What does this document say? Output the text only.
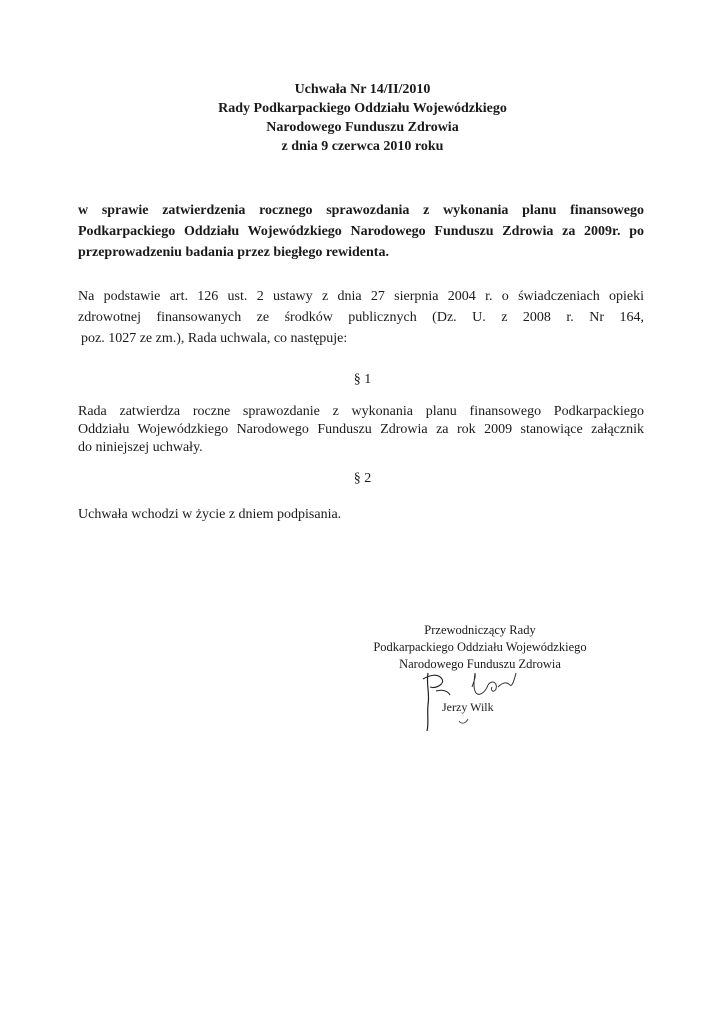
Uchwała Nr 14/II/2010
Rady Podkarpackiego Oddziału Wojewódzkiego
Narodowego Funduszu Zdrowia
z dnia 9 czerwca 2010 roku
w sprawie zatwierdzenia rocznego sprawozdania z wykonania planu finansowego
Podkarpackiego Oddziału Wojewódzkiego Narodowego Funduszu Zdrowia za 2009r. po
przeprowadzeniu badania przez biegłego rewidenta.
Na podstawie art. 126 ust. 2 ustawy z dnia 27 sierpnia 2004 r. o świadczeniach opieki
zdrowotnej finansowanych ze środków publicznych (Dz. U. z 2008 r. Nr 164,
poz. 1027 ze zm.), Rada uchwala, co następuje:
§ 1
Rada zatwierdza roczne sprawozdanie z wykonania planu finansowego Podkarpackiego
Oddziału Wojewódzkiego Narodowego Funduszu Zdrowia za rok 2009 stanowiące załącznik
do niniejszej uchwały.
§ 2
Uchwała wchodzi w życie z dniem podpisania.
Przewodniczący Rady
Podkarpackiego Oddziału Wojewódzkiego
Narodowego Funduszu Zdrowia
Jerzy Wilk
